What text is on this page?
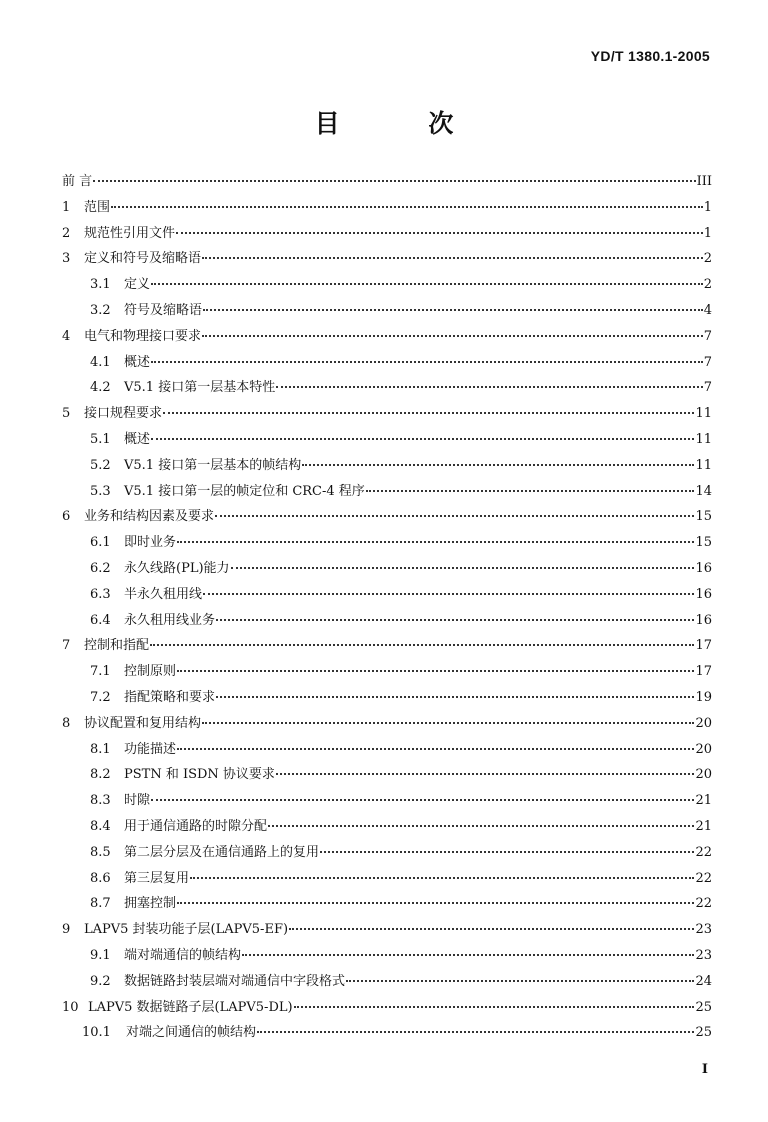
YD/T 1380.1-2005
目 次
前 言	III
1	范围	1
2	规范性引用文件	1
3	定义和符号及缩略语	2
3.1	定义	2
3.2	符号及缩略语	4
4	电气和物理接口要求	7
4.1	概述	7
4.2	V5.1 接口第一层基本特性	7
5	接口规程要求	11
5.1	概述	11
5.2	V5.1 接口第一层基本的帧结构	11
5.3	V5.1 接口第一层的帧定位和 CRC-4 程序	14
6	业务和结构因素及要求	15
6.1	即时业务	15
6.2	永久线路(PL)能力	16
6.3	半永久租用线	16
6.4	永久租用线业务	16
7	控制和指配	17
7.1	控制原则	17
7.2	指配策略和要求	19
8	协议配置和复用结构	20
8.1	功能描述	20
8.2	PSTN 和 ISDN 协议要求	20
8.3	时隙	21
8.4	用于通信通路的时隙分配	21
8.5	第二层分层及在通信通路上的复用	22
8.6	第三层复用	22
8.7	拥塞控制	22
9	LAPV5 封装功能子层(LAPV5-EF)	23
9.1	端对端通信的帧结构	23
9.2	数据链路封装层端对端通信中字段格式	24
10 LAPV5 数据链路子层(LAPV5-DL)	25
10.1	对端之间通信的帧结构	25
I
